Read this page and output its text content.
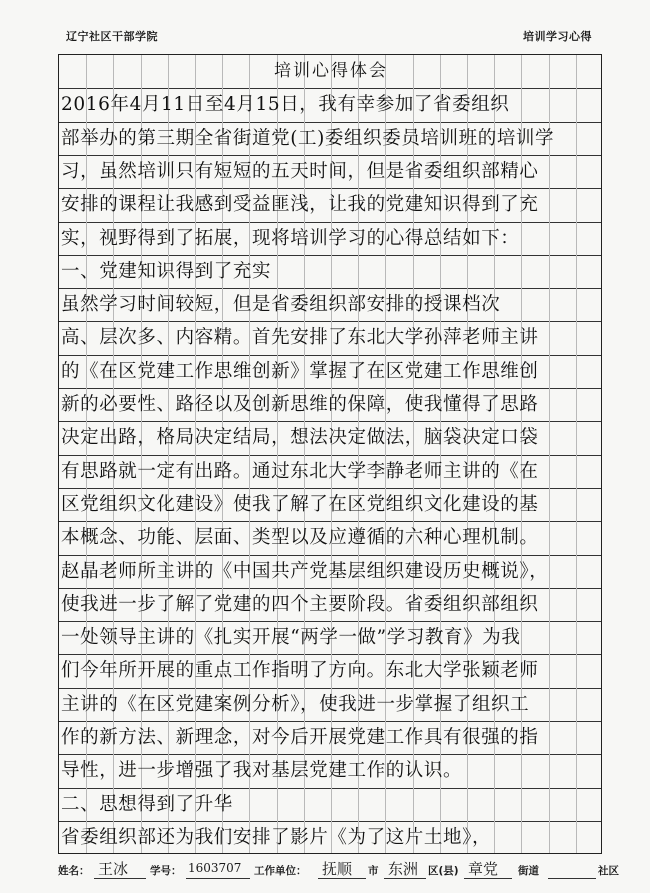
辽宁社区干部学院	培训学习心得
培训心得体会
2016年4月11日至4月15日，我有幸参加了省委组织
部举办的第三期全省街道党(工)委组织委员培训班的培训学
习，虽然培训只有短短的五天时间，但是省委组织部精心
安排的课程让我感到受益匪浅，让我的党建知识得到了充
实，视野得到了拓展，现将培训学习的心得总结如下：
一、党建知识得到了充实
虽然学习时间较短，但是省委组织部安排的授课档次
高、层次多、内容精。首先安排了东北大学孙萍老师主讲
的《在区党建工作思维创新》掌握了在区党建工作思维创
新的必要性、路径以及创新思维的保障，使我懂得了思路
决定出路，格局决定结局，想法决定做法，脑袋决定口袋
有思路就一定有出路。通过东北大学李静老师主讲的《在
区党组织文化建设》使我了解了在区党组织文化建设的基
本概念、功能、层面、类型以及应遵循的六种心理机制。
赵晶老师所主讲的《中国共产党基层组织建设历史概说》，
使我进一步了解了党建的四个主要阶段。省委组织部组织
一处领导主讲的《扎实开展“两学一做”学习教育》为我
们今年所开展的重点工作指明了方向。东北大学张颖老师
主讲的《在区党建案例分析》，使我进一步掌握了组织工
作的新方法、新理念，对今后开展党建工作具有很强的指
导性，进一步增强了我对基层党建工作的认识。
二、思想得到了升华
省委组织部还为我们安排了影片《为了这片土地》，
姓名： 王冰 学号： 1603707 工作单位： 抚顺 市 东洲 区(县) 章党 街道	社区
